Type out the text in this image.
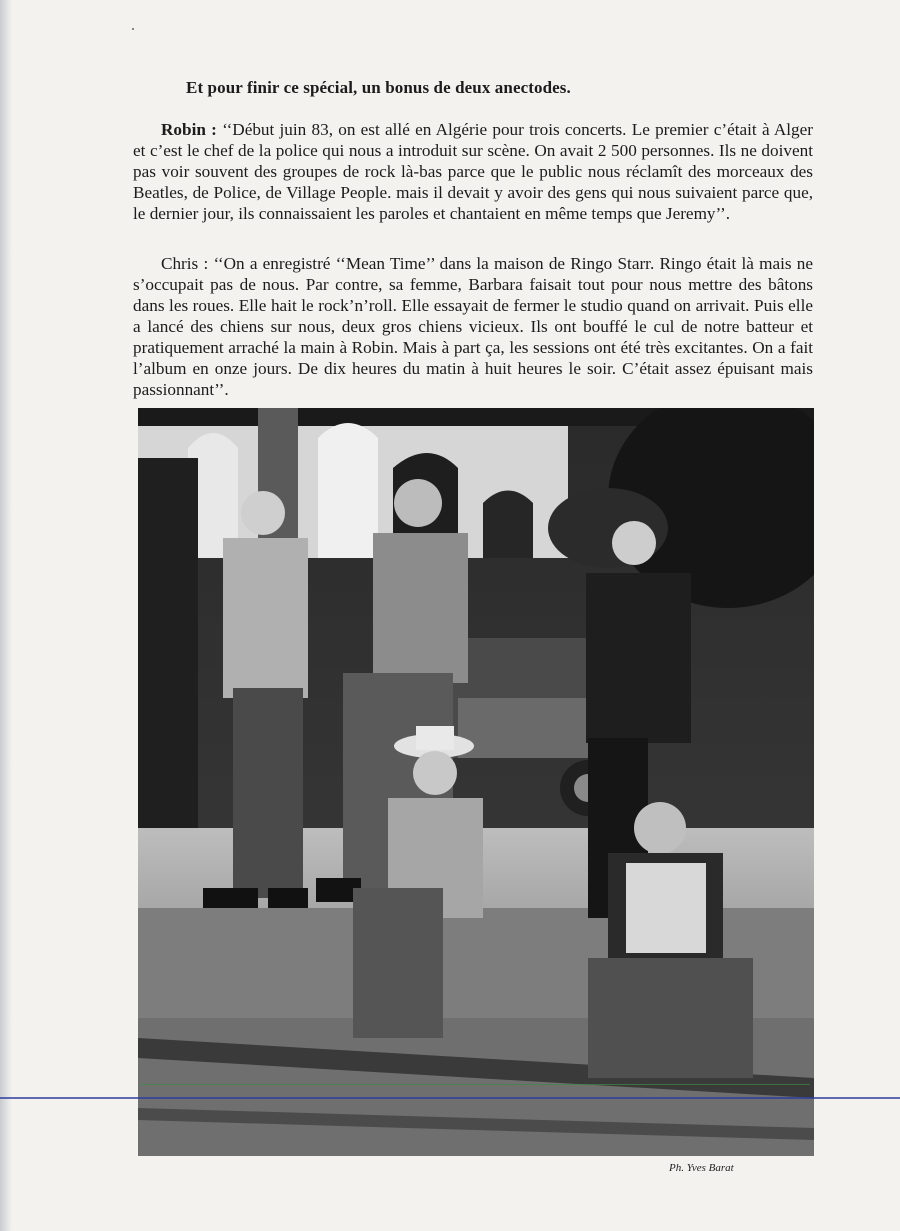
Et pour finir ce spécial, un bonus de deux anectodes.

Robin : ‘‘Début juin 83, on est allé en Algérie pour trois concerts. Le premier c’était à Alger et c’est le chef de la police qui nous a introduit sur scène. On avait 2 500 personnes. Ils ne doivent pas voir souvent des groupes de rock là-bas parce que le public nous réclamît des morceaux des Beatles, de Police, de Village People. mais il devait y avoir des gens qui nous suivaient parce que, le dernier jour, ils connaissaient les paroles et chantaient en même temps que Jeremy’’.

Chris : ‘‘On a enregistré ‘‘Mean Time’’ dans la maison de Ringo Starr. Ringo était là mais ne s’occupait pas de nous. Par contre, sa femme, Barbara faisait tout pour nous mettre des bâtons dans les roues. Elle hait le rock’n’roll. Elle essayait de fermer le studio quand on arrivait. Puis elle a lancé des chiens sur nous, deux gros chiens vicieux. Ils ont bouffé le cul de notre batteur et pratiquement arraché la main à Robin. Mais à part ça, les sessions ont été très excitantes. On a fait l’album en onze jours. De dix heures du matin à huit heures le soir. C’était assez épuisant mais passionnant’’.

Ph. Yves Barat
